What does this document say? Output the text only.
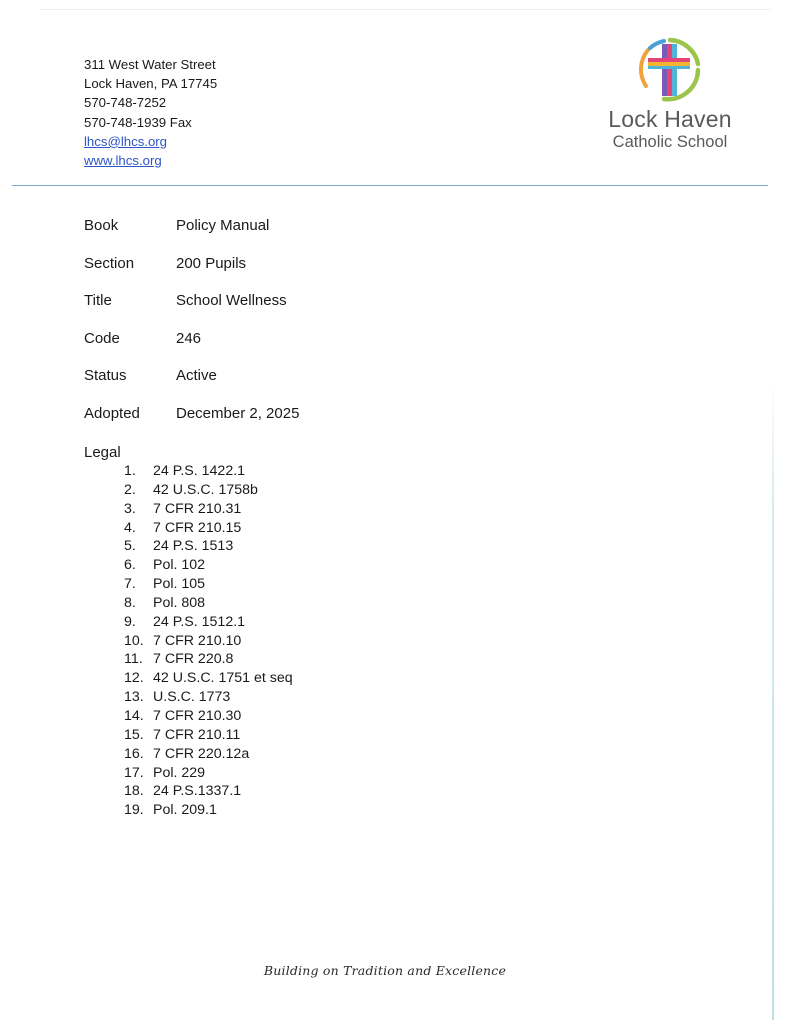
311 West Water Street
Lock Haven, PA 17745
570-748-7252
570-748-1939 Fax
lhcs@lhcs.org
www.lhcs.org
Lock Haven
Catholic School
Book	Policy Manual
Section	200 Pupils
Title	School Wellness
Code	246
Status	Active
Adopted December 2, 2025
Legal
1. 24 P.S. 1422.1
2. 42 U.S.C. 1758b
3. 7 CFR 210.31
4. 7 CFR 210.15
5. 24 P.S. 1513
6. Pol. 102
7. Pol. 105
8. Pol. 808
9. 24 P.S. 1512.1
10. 7 CFR 210.10
11. 7 CFR 220.8
12. 42 U.S.C. 1751 et seq
13. U.S.C. 1773
14. 7 CFR 210.30
15. 7 CFR 210.11
16. 7 CFR 220.12a
17. Pol. 229
18. 24 P.S.1337.1
19. Pol. 209.1
Building on Tradition and Excellence
